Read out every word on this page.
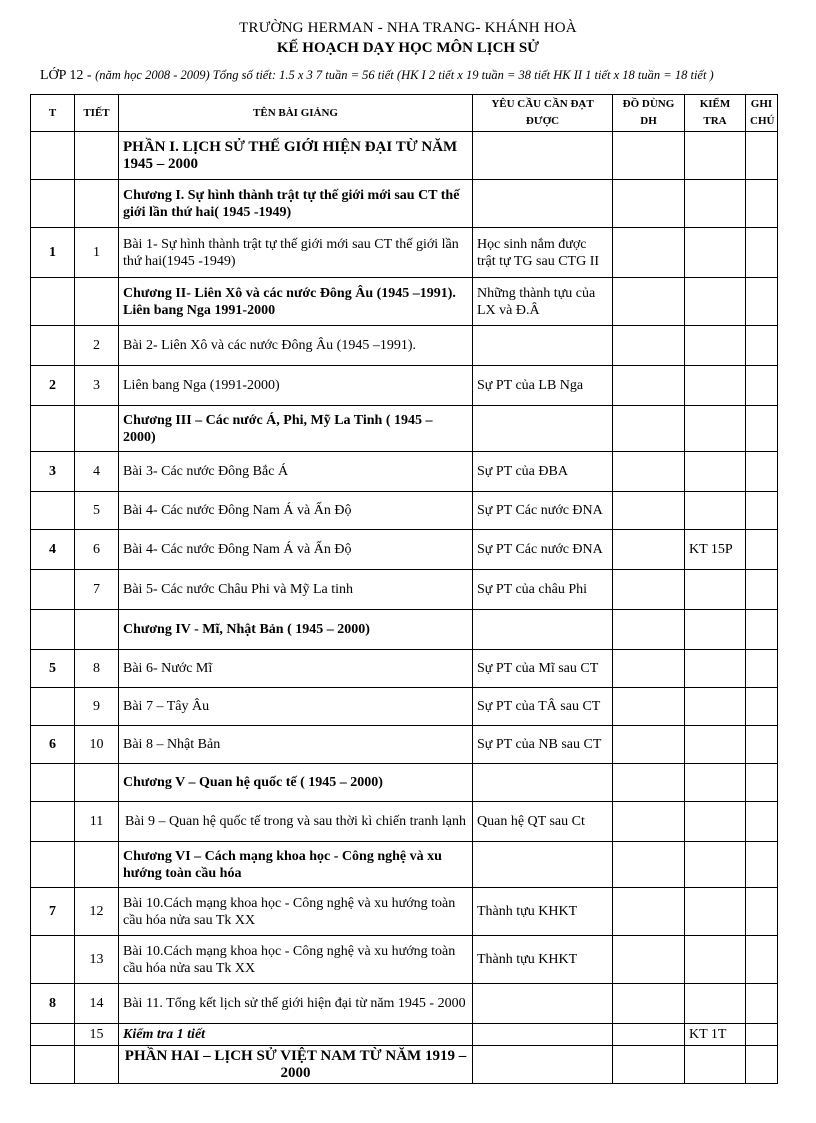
TRƯỜNG HERMAN - NHA TRANG- KHÁNH HOÀ
KẾ HOẠCH DẠY HỌC MÔN LỊCH SỬ
LỚP 12 - (năm học 2008 - 2009) Tổng số tiết: 1.5 x 3 7 tuần = 56 tiết (HK I 2 tiết x 19 tuần = 38 tiết HK II 1 tiết x 18 tuần = 18 tiết )
T	TIẾT	TÊN BÀI GIẢNG	YÊU CẦU CẦN ĐẠT ĐƯỢC	ĐỒ DÙNG DH	KIỂM TRA	GHI CHÚ
		PHẦN I. LỊCH SỬ THẾ GIỚI HIỆN ĐẠI TỪ NĂM 1945 – 2000				
		Chương I. Sự hình thành trật tự thế giới mới sau CT thế giới lần thứ hai( 1945 -1949)				
1	1	Bài 1- Sự hình thành trật tự thế giới mới sau CT thế giới lần thứ hai(1945 -1949)	Học sinh nắm được trật tự TG sau CTG II			
		Chương II- Liên Xô và các nước Đông Âu (1945 –1991). Liên bang Nga 1991-2000	Những thành tựu của LX và Đ.Â			
	2	Bài 2- Liên Xô và các nước Đông Âu (1945 –1991).				
2	3	Liên bang Nga (1991-2000)	Sự PT của LB Nga			
		Chương III – Các nước Á, Phi, Mỹ La Tinh ( 1945 – 2000)				
3	4	Bài 3- Các nước Đông Bắc Á	Sự PT của ĐBA			
	5	Bài 4- Các nước Đông Nam Á và Ấn Độ	Sự PT Các nước ĐNA			
4	6	Bài 4- Các nước Đông Nam Á và Ấn Độ	Sự PT Các nước ĐNA		KT 15P	
	7	Bài 5- Các nước Châu Phi và Mỹ La tinh	Sự PT của châu Phi			
		Chương IV - Mĩ, Nhật Bản ( 1945 – 2000)				
5	8	Bài 6- Nước Mĩ	Sự PT của Mĩ sau CT			
	9	Bài 7 – Tây Âu	Sự PT của TÂ sau CT			
6	10	Bài 8 – Nhật Bản	Sự PT của NB sau CT			
		Chương V – Quan hệ quốc tế ( 1945 – 2000)				
	11	Bài 9 – Quan hệ quốc tế trong và sau thời kì chiến tranh lạnh	Quan hệ QT sau Ct			
		Chương VI – Cách mạng khoa học - Công nghệ và xu hướng toàn cầu hóa				
7	12	Bài 10.Cách mạng khoa học - Công nghệ và xu hướng toàn cầu hóa nửa sau Tk XX	Thành tựu KHKT			
	13	Bài 10.Cách mạng khoa học - Công nghệ và xu hướng toàn cầu hóa nửa sau Tk XX	Thành tựu KHKT			
8	14	Bài 11. Tổng kết lịch sử thế giới hiện đại từ năm 1945 - 2000				
	15	Kiểm tra 1 tiết			KT 1T	
		PHẦN HAI – LỊCH SỬ VIỆT NAM TỪ NĂM 1919 – 2000				
